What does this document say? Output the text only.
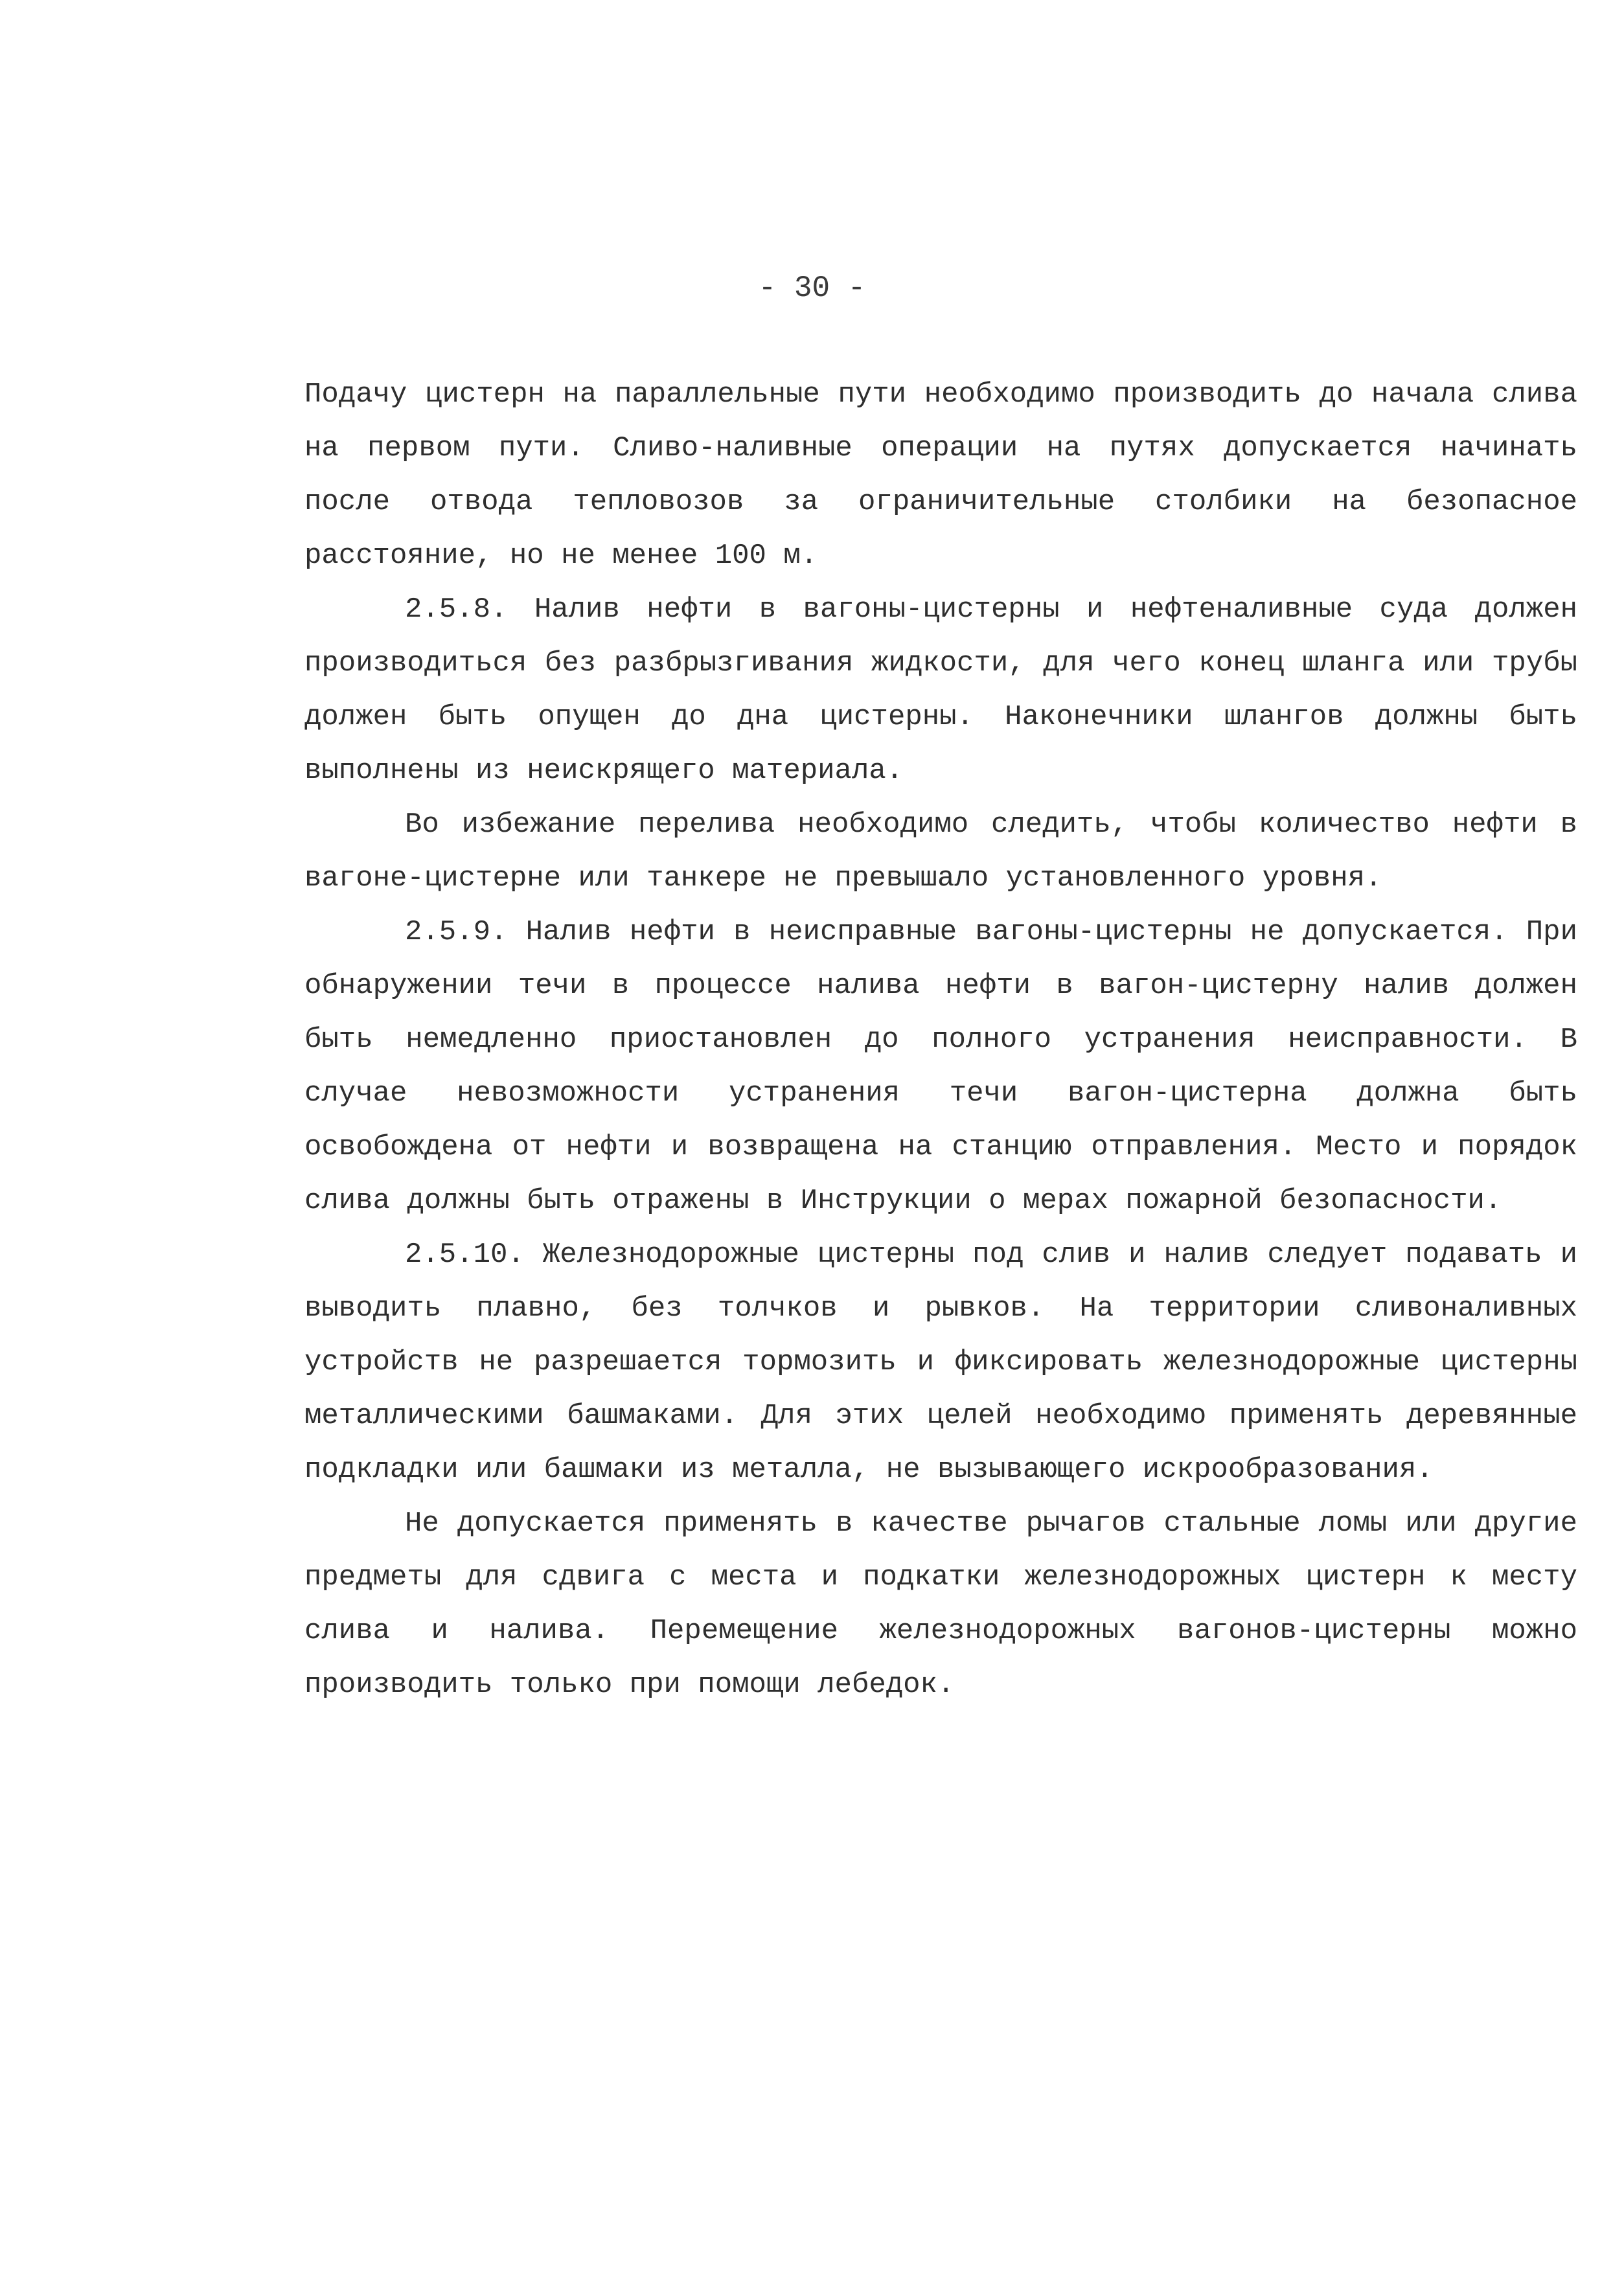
- 30 -

Подачу цистерн на параллельные пути необходимо производить до начала слива на первом пути. Сливо-наливные операции на путях допускается начинать после отвода тепловозов за ограничительные столбики на безопасное расстояние, но не менее 100 м.

2.5.8. Налив нефти в вагоны-цистерны и нефтеналивные суда должен производиться без разбрызгивания жидкости, для чего конец шланга или трубы должен быть опущен до дна цистерны. Наконечники шлангов должны быть выполнены из неискрящего материала.

Во избежание перелива необходимо следить, чтобы количество нефти в вагоне-цистерне или танкере не превышало установленного уровня.

2.5.9. Налив нефти в неисправные вагоны-цистерны не допускается. При обнаружении течи в процессе налива нефти в вагон-цистерну налив должен быть немедленно приостановлен до полного устранения неисправности. В случае невозможности устранения течи вагон-цистерна должна быть освобождена от нефти и возвращена на станцию отправления. Место и порядок слива должны быть отражены в Инструкции о мерах пожарной безопасности.

2.5.10. Железнодорожные цистерны под слив и налив следует подавать и выводить плавно, без толчков и рывков. На территории сливоналивных устройств не разрешается тормозить и фиксировать железнодорожные цистерны металлическими башмаками. Для этих целей необходимо применять деревянные подкладки или башмаки из металла, не вызывающего искрообразования.

Не допускается применять в качестве рычагов стальные ломы или другие предметы для сдвига с места и подкатки железнодорожных цистерн к месту слива и налива. Перемещение железнодорожных вагонов-цистерны можно производить только при помощи лебедок.
